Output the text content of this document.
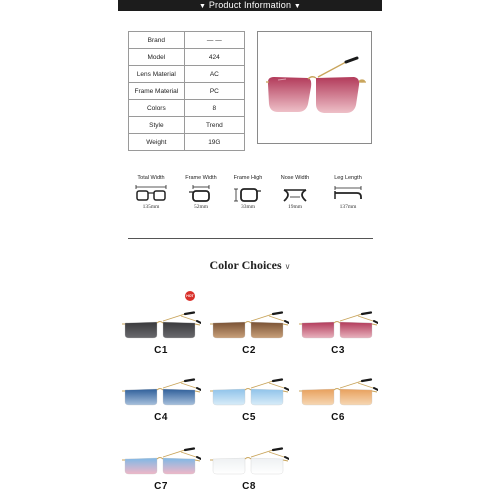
▼ Product Information ▼
Brand	— —
Model	424
Lens Material	AC
Frame Material	PC
Colors	8
Style	Trend
Weight	19G
Total Width
135mm
Frame Width
52mm
Frame High
33mm
Nose Width
19mm
Leg Length
137mm
Color Choices ∨
HOT
C1	C2	C3
C4	C5	C6
C7	C8
